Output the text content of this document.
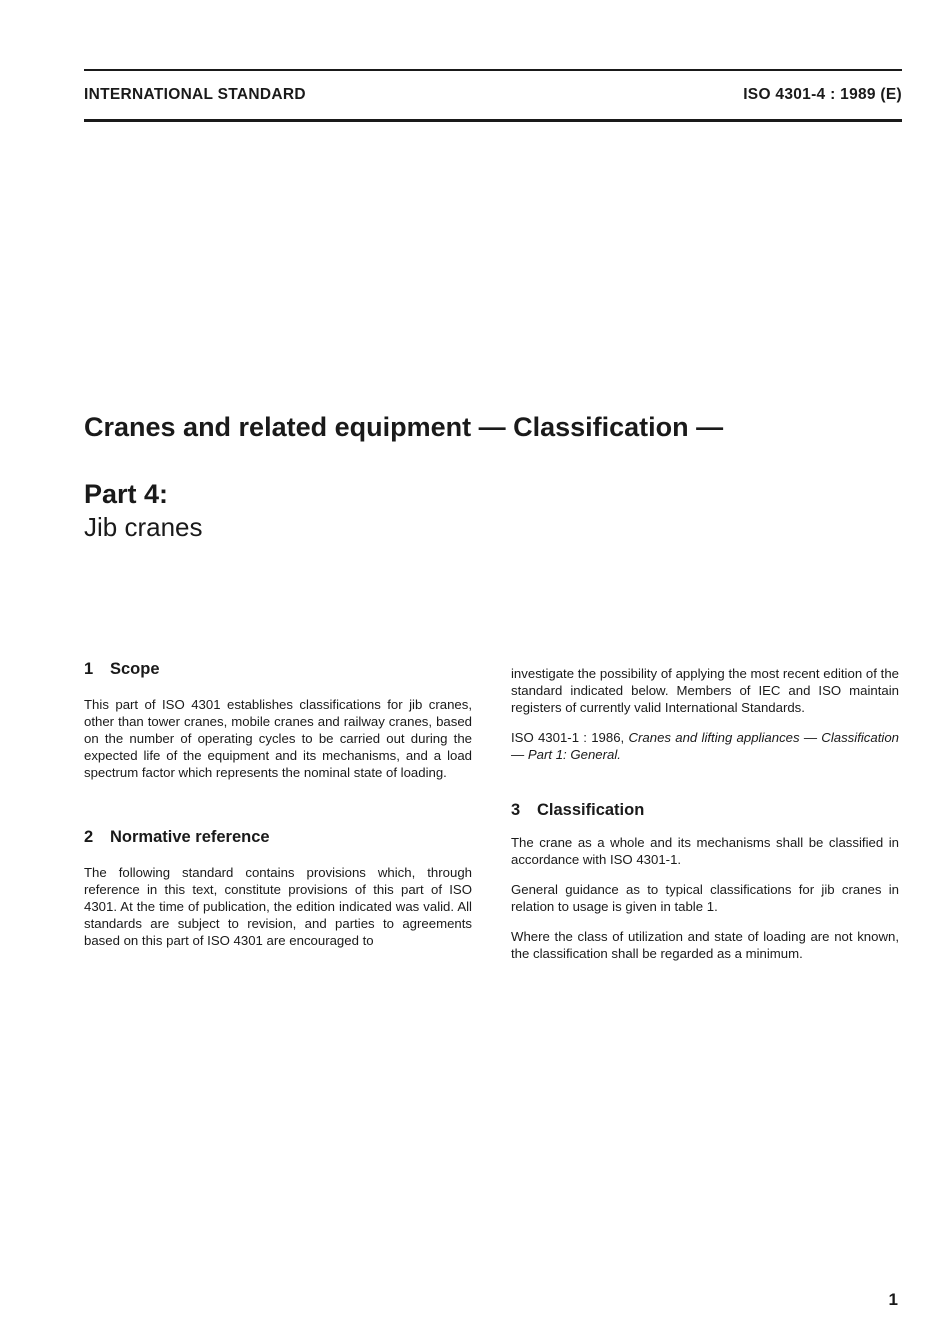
INTERNATIONAL STANDARD	ISO 4301-4 : 1989 (E)
Cranes and related equipment — Classification —
Part 4:
Jib cranes
1 Scope

This part of ISO 4301 establishes classifications for jib cranes, other than tower cranes, mobile cranes and railway cranes, based on the number of operating cycles to be carried out during the expected life of the equipment and its mechanisms, and a load spectrum factor which represents the nominal state of loading.

2 Normative reference

The following standard contains provisions which, through reference in this text, constitute provisions of this part of ISO 4301. At the time of publication, the edition indicated was valid. All standards are subject to revision, and parties to agreements based on this part of ISO 4301 are encouraged to

investigate the possibility of applying the most recent edition of the standard indicated below. Members of IEC and ISO maintain registers of currently valid International Standards.

ISO 4301-1 : 1986, Cranes and lifting appliances — Classification — Part 1: General.

3 Classification

The crane as a whole and its mechanisms shall be classified in accordance with ISO 4301-1.

General guidance as to typical classifications for jib cranes in relation to usage is given in table 1.

Where the class of utilization and state of loading are not known, the classification shall be regarded as a minimum.

1
